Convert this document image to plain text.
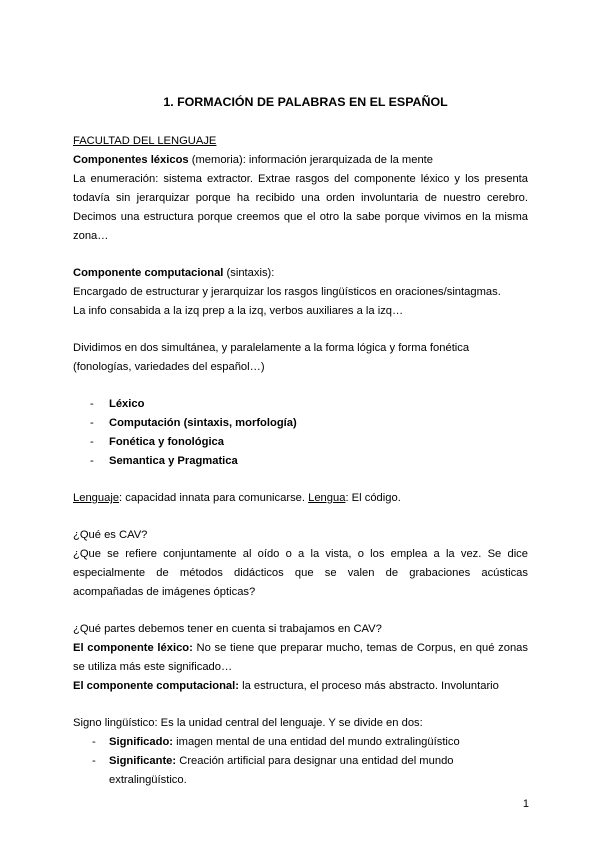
1. FORMACIÓN DE PALABRAS EN EL ESPAÑOL

FACULTAD DEL LENGUAJE

Componentes léxicos (memoria): información jerarquizada de la mente

La enumeración: sistema extractor. Extrae rasgos del componente léxico y los presenta todavía sin jerarquizar porque ha recibido una orden involuntaria de nuestro cerebro. Decimos una estructura porque creemos que el otro la sabe porque vivimos en la misma zona…

Componente computacional (sintaxis):

Encargado de estructurar y jerarquizar los rasgos lingüísticos en oraciones/sintagmas.

La info consabida a la izq prep a la izq, verbos auxiliares a la izq…

Dividimos en dos simultánea, y paralelamente a la forma lógica y forma fonética (fonologías, variedades del español…)

- Léxico
- Computación (sintaxis, morfología)
- Fonética y fonológica
- Semantica y Pragmatica

Lenguaje: capacidad innata para comunicarse. Lengua: El código.

¿Qué es CAV?

¿Que se refiere conjuntamente al oído o a la vista, o los emplea a la vez. Se dice especialmente de métodos didácticos que se valen de grabaciones acústicas acompañadas de imágenes ópticas?

¿Qué partes debemos tener en cuenta si trabajamos en CAV?

El componente léxico: No se tiene que preparar mucho, temas de Corpus, en qué zonas se utiliza más este significado…

El componente computacional: la estructura, el proceso más abstracto. Involuntario

Signo lingüístico: Es la unidad central del lenguaje. Y se divide en dos:

- Significado: imagen mental de una entidad del mundo extralingüístico
- Significante: Creación artificial para designar una entidad del mundo extralingüístico.
1
